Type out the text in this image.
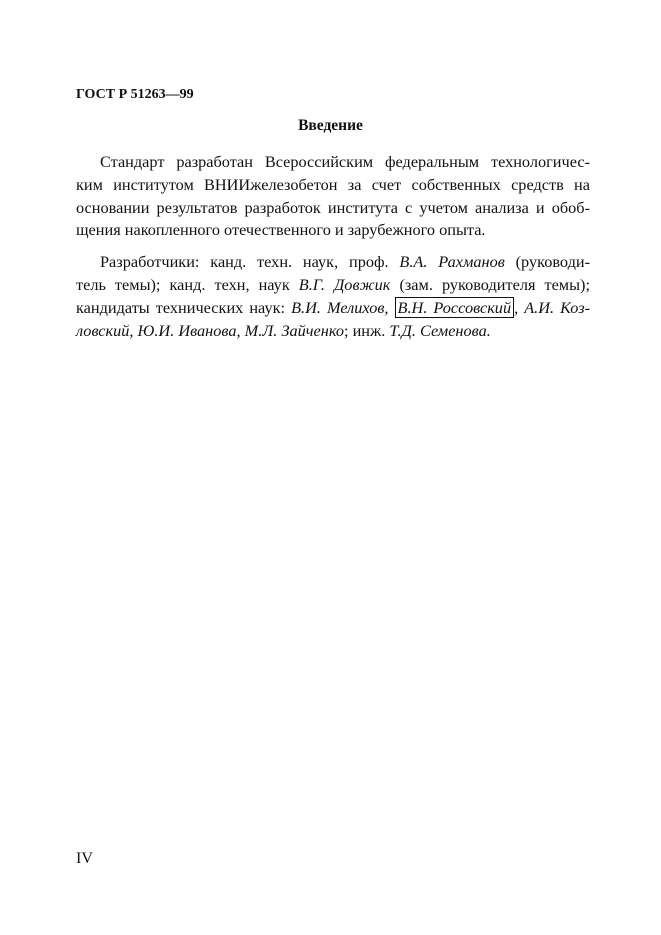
ГОСТ Р 51263—99
Введение
Стандарт разработан Всероссийским федеральным технологичес-
ким институтом ВНИИжелезобетон за счет собственных средств на
основании результатов разработок института с учетом анализа и обоб-
щения накопленного отечественного и зарубежного опыта.
Разработчики: канд. техн. наук, проф. В.А. Рахманов (руководи-
тель темы); канд. техн, наук В.Г. Довжик (зам. руководителя темы);
кандидаты технических наук: В.И. Мелихов, В.Н. Россовский , А.И. Коз-
ловский, Ю.И. Иванова, М.Л. Зайченко; инж. Т.Д. Семенова.
IV
